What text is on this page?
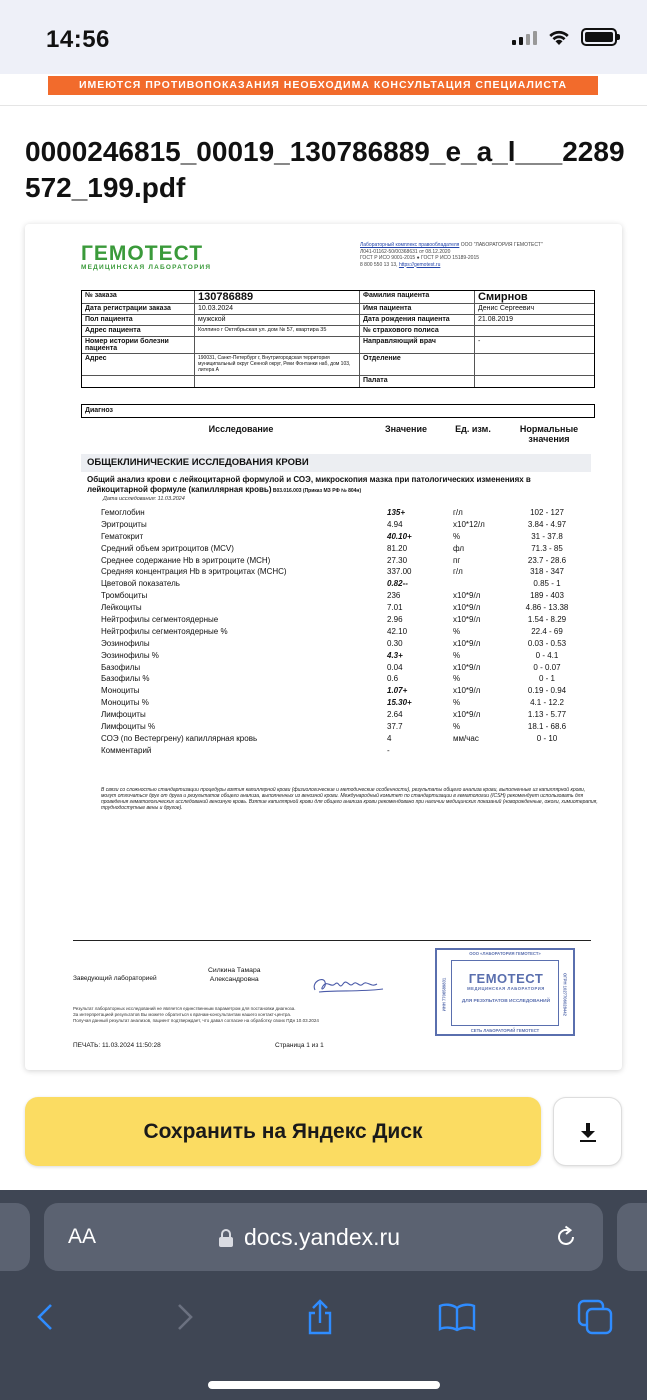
14:56
ИМЕЮТСЯ ПРОТИВОПОКАЗАНИЯ НЕОБХОДИМА КОНСУЛЬТАЦИЯ СПЕЦИАЛИСТА
0000246815_00019_130786889_e_a_l___2289572_199.pdf
ГЕМОТЕСТ
МЕДИЦИНСКАЯ ЛАБОРАТОРИЯ
Лабораторный комплекс правообладателя ООО "ЛАБОРАТОРИЯ ГЕМОТЕСТ"
Л041-01162-50/00368631 от 08.12.2020
ГОСТ Р ИСО 9001-2015 ● ГОСТ Р ИСО 15189-2015
8 800 550 13 13, https://gemotest.ru
№ заказа	130786889	Фамилия пациента	Смирнов
Дата регистрации заказа	10.03.2024	Имя пациента	Денис Сергеевич
Пол пациента	мужской	Дата рождения пациента	21.08.2019
Адрес пациента	Колпино г Октябрьская ул. дом № 57, квартира 35	№ страхового полиса
Номер истории болезни пациента
Направляющий врач	-
Адрес	190031, Санкт-Петербург г, Внутригородская территория муниципальный округ Сенной округ, Реки Фонтанки наб, дом 103, литера А
Отделение
Палата
Диагноз
Исследование	Значение	Ед. изм.	Нормальные значения
ОБЩЕКЛИНИЧЕСКИЕ ИССЛЕДОВАНИЯ КРОВИ
Общий анализ крови с лейкоцитарной формулой и СОЭ, микроскопия мазка при патологических изменениях в лейкоцитарной формуле (капиллярная кровь) B03.016.003 (Приказ МЗ РФ № 804н)
Дата исследования: 11.03.2024
Гемоглобин	135+	г/л	102 - 127
Эритроциты	4.94	x10*12/л	3.84 - 4.97
Гематокрит	40.10+	%	31 - 37.8
Средний объем эритроцитов (MCV)	81.20	фл	71.3 - 85
Среднее содержание Hb в эритроците (MCH)	27.30	пг	23.7 - 28.6
Средняя концентрация Hb в эритроцитах (MCHC)	337.00	г/л	318 - 347
Цветовой показатель	0.82--	0.85 - 1
Тромбоциты	236	x10*9/л	189 - 403
Лейкоциты	7.01	x10*9/л	4.86 - 13.38
Нейтрофилы сегментоядерные	2.96	x10*9/л	1.54 - 8.29
Нейтрофилы сегментоядерные %	42.10	%	22.4 - 69
Эозинофилы	0.30	x10*9/л	0.03 - 0.53
Эозинофилы %	4.3+	%	0 - 4.1
Базофилы	0.04	x10*9/л	0 - 0.07
Базофилы %	0.6	%	0 - 1
Моноциты	1.07+	x10*9/л	0.19 - 0.94
Моноциты %	15.30+	%	4.1 - 12.2
Лимфоциты	2.64	x10*9/л	1.13 - 5.77
Лимфоциты %	37.7	%	18.1 - 68.6
СОЭ (по Вестергрену) капиллярная кровь	4	мм/час	0 - 10
Комментарий	-
В связи со сложностью стандартизации процедуры взятия капиллярной крови (физиологические и методические особенности), результаты общего анализа крови, выполненные из капиллярной крови, могут отличаться друг от друга и результатов общего анализа, выполненных из венозной крови. Международный комитет по стандартизации в гематологии (ICSH) рекомендует использовать для проведения гематологических исследований венозную кровь. Взятие капиллярной крови для общего анализа крови рекомендовано при наличии медицинских показаний (новорожденные, ожоги, химиотерапия, труднодоступные вены и другое).
Заведующий лабораторией
Силкина Тамара
Александровна
Результат лабораторных исследований не является единственным параметром для постановки диагноза.
За интерпретацией результатов Вы можете обратиться к врачам-консультантам нашего контакт-центра.
Получая данный результат анализов, пациент подтверждает, что давал согласие на обработку своих ПДн 10.03.2024
ПЕЧАТЬ: 11.03.2024 11:50:28	Страница 1 из 1
ООО «ЛАБОРАТОРИЯ ГЕМОТЕСТ»
ИНН 7706589831	ОГРН 1027706028442
ГЕМОТЕСТ
МЕДИЦИНСКАЯ ЛАБОРАТОРИЯ
ДЛЯ РЕЗУЛЬТАТОВ ИССЛЕДОВАНИЙ
СЕТЬ ЛАБОРАТОРИЙ ГЕМОТЕСТ
Сохранить на Яндекс Диск
AA	docs.yandex.ru
